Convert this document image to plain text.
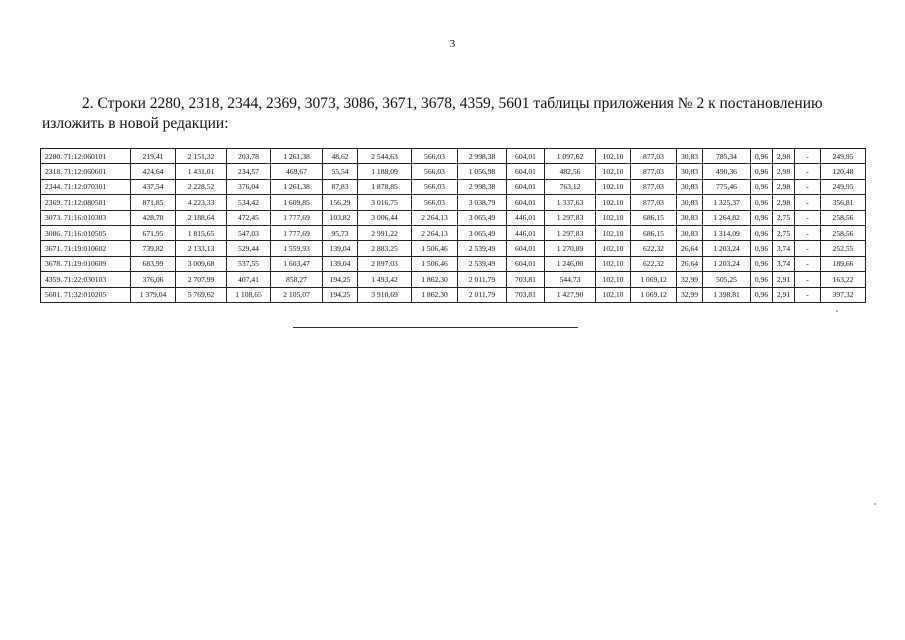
3

2. Строки 2280, 2318, 2344, 2369, 3073, 3086, 3671, 3678, 4359, 5601 таблицы приложения № 2 к постановлению изложить в новой редакции:

2280. 71:12:060101	219,41	2 151,32	203,78	1 261,38	48,62	2 544,63	566,03	2 998,38	604,01	1 097,62	102,10	877,03	30,83	785,34	0,96	2,98	-	249,95
2318. 71:12:060601	424,64	1 431,01	234,57	469,67	55,54	1 188,09	566,03	1 056,98	604,01	482,56	102,10	877,03	30,83	490,36	0,96	2,98	-	120,48
2344. 71:12:070301	437,54	2 228,52	376,04	1 261,38	87,83	1 878,85	566,03	2 998,38	604,01	763,12	102,10	877,03	30,83	775,46	0,96	2,98	-	249,95
2369. 71:12:080501	871,85	4 223,33	534,42	1 609,85	156,29	3 016,75	566,03	3 038,79	604,01	1 337,63	102,10	877,03	30,83	1 325,37	0,96	2,98	-	356,81
3073. 71:16:010303	428,70	2 188,64	472,45	1 777,69	103,82	3 006,44	2 264,13	3 065,49	446,01	1 297,83	102,10	686,15	30,83	1 264,82	0,96	2,75	-	258,56
3086. 71:16:010505	671,95	1 815,65	547,03	1 777,69	95,73	2 991,22	2 264,13	3 065,49	446,01	1 297,83	102,10	686,15	30,83	1 314,09	0,96	2,75	-	258,56
3671. 71:19:010602	739,82	2 133,13	529,44	1 559,93	139,04	2 883,25	1 506,46	2 539,49	604,01	1 270,89	102,10	622,32	26,64	1 203,24	0,96	3,74	-	252,55
3678. 71:19:010609	683,99	3 009,68	537,55	1 603,47	139,04	2 897,03	1 506,46	2 539,49	604,01	1 246,00	102,10	622,32	26,64	1 203,24	0,96	3,74	-	189,66
4359. 71:22:030103	376,06	2 707,99	407,41	858,27	194,25	1 493,42	1 862,30	2 011,79	703,81	544,73	102,10	1 069,12	32,99	505,25	0,96	2,91	-	163,22
5601. 71:32:010205	1 379,04	5 769,62	1 108,65	2 105,07	194,25	3 910,69	1 862,30	2 011,79	703,81	1 427,90	102,10	1 069,12	32,99	1 398,81	0,96	2,91	-	397,32
